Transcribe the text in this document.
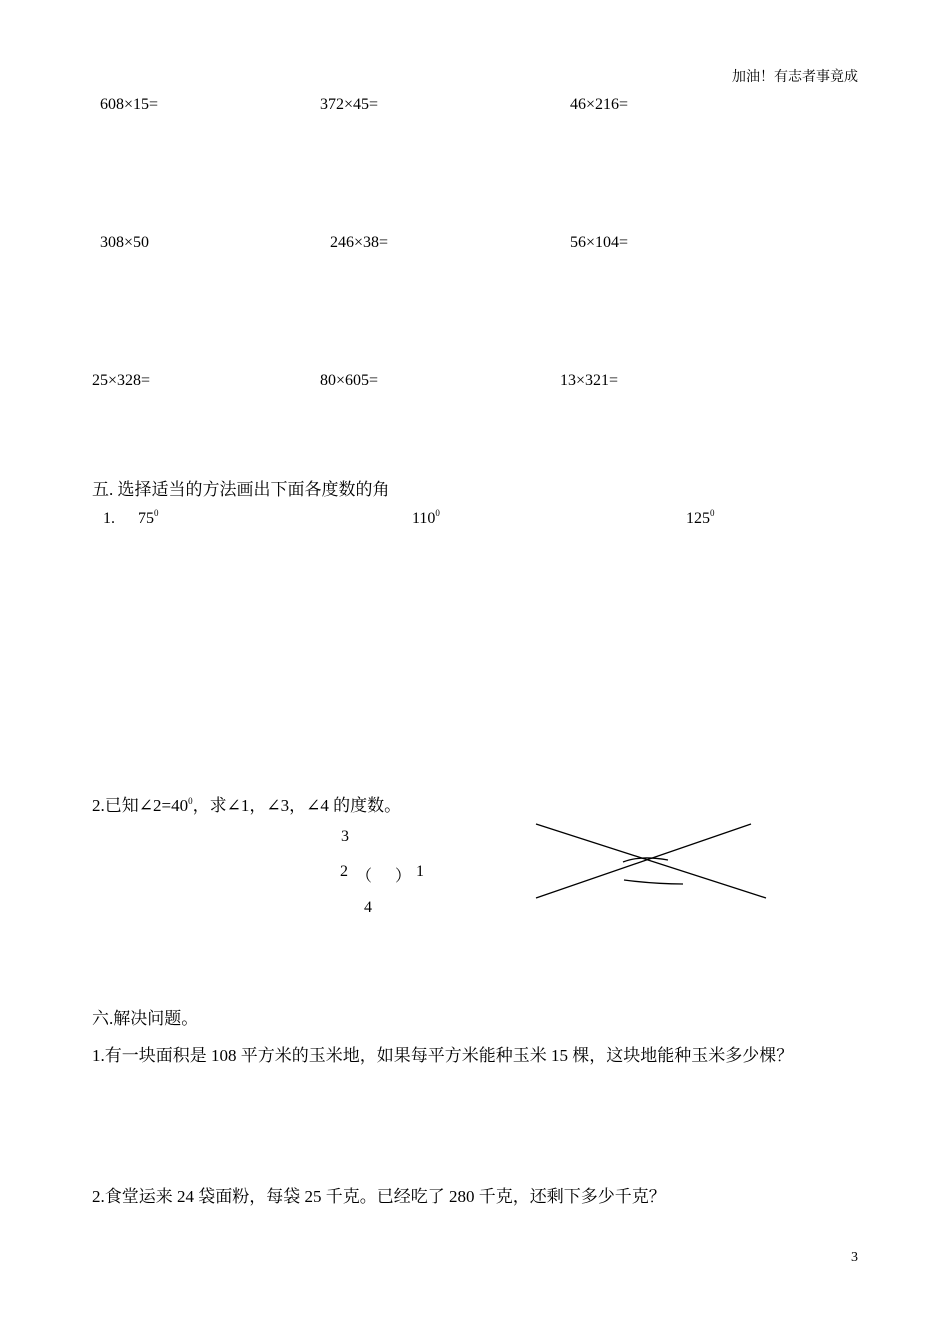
加油！有志者事竟成
608×15=	372×45=	46×216=
308×50	246×38=	56×104=
25×328=	80×605=	13×321=
五. 选择适当的方法画出下面各度数的角
1. $75^0$	$110^0$	$125^0$
2.已知$\angle 2=40^0$，求∠1，∠3，∠4 的度数。
3
2 （ ） 1
4
六.解决问题。
1.有一块面积是 108 平方米的玉米地，如果每平方米能种玉米 15 棵，这块地能种玉米多少棵？
2.食堂运来 24 袋面粉，每袋 25 千克。已经吃了 280 千克，还剩下多少千克？
3
